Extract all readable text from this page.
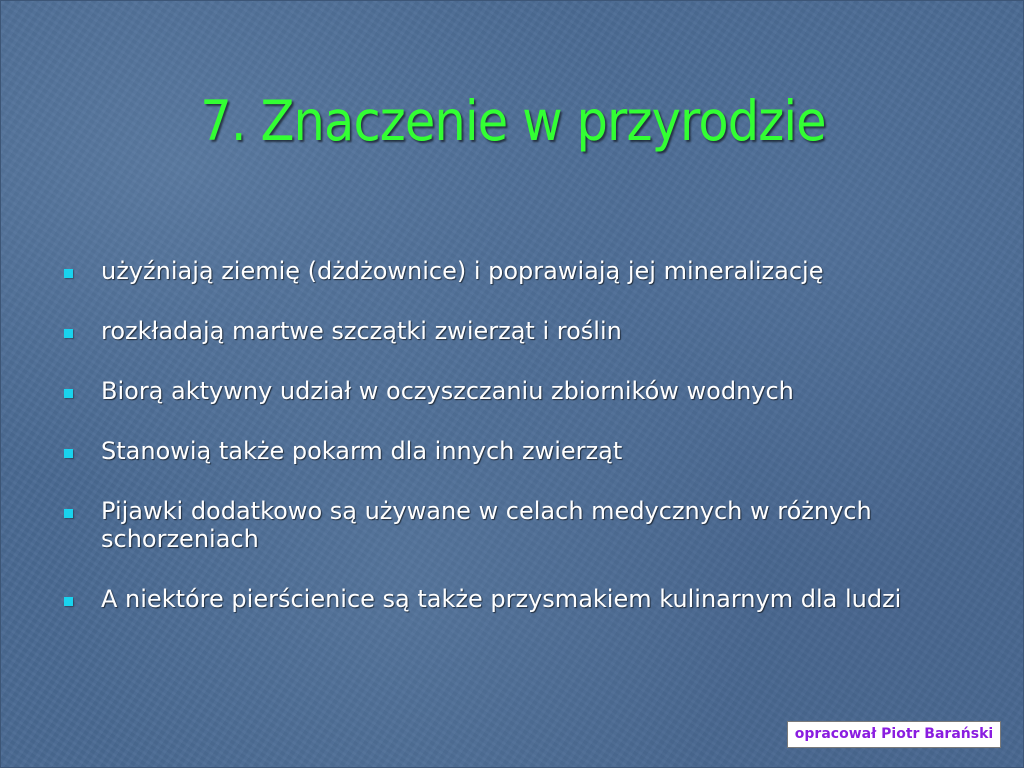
7. Znaczenie w przyrodzie
użyźniają ziemię (dżdżownice) i poprawiają jej mineralizację
rozkładają martwe szczątki zwierząt i roślin
Biorą aktywny udział w oczyszczaniu zbiorników wodnych
Stanowią także pokarm dla innych zwierząt
Pijawki dodatkowo są używane w celach medycznych w różnych schorzeniach
A niektóre pierścienice są także przysmakiem kulinarnym dla ludzi
opracował Piotr Barański
